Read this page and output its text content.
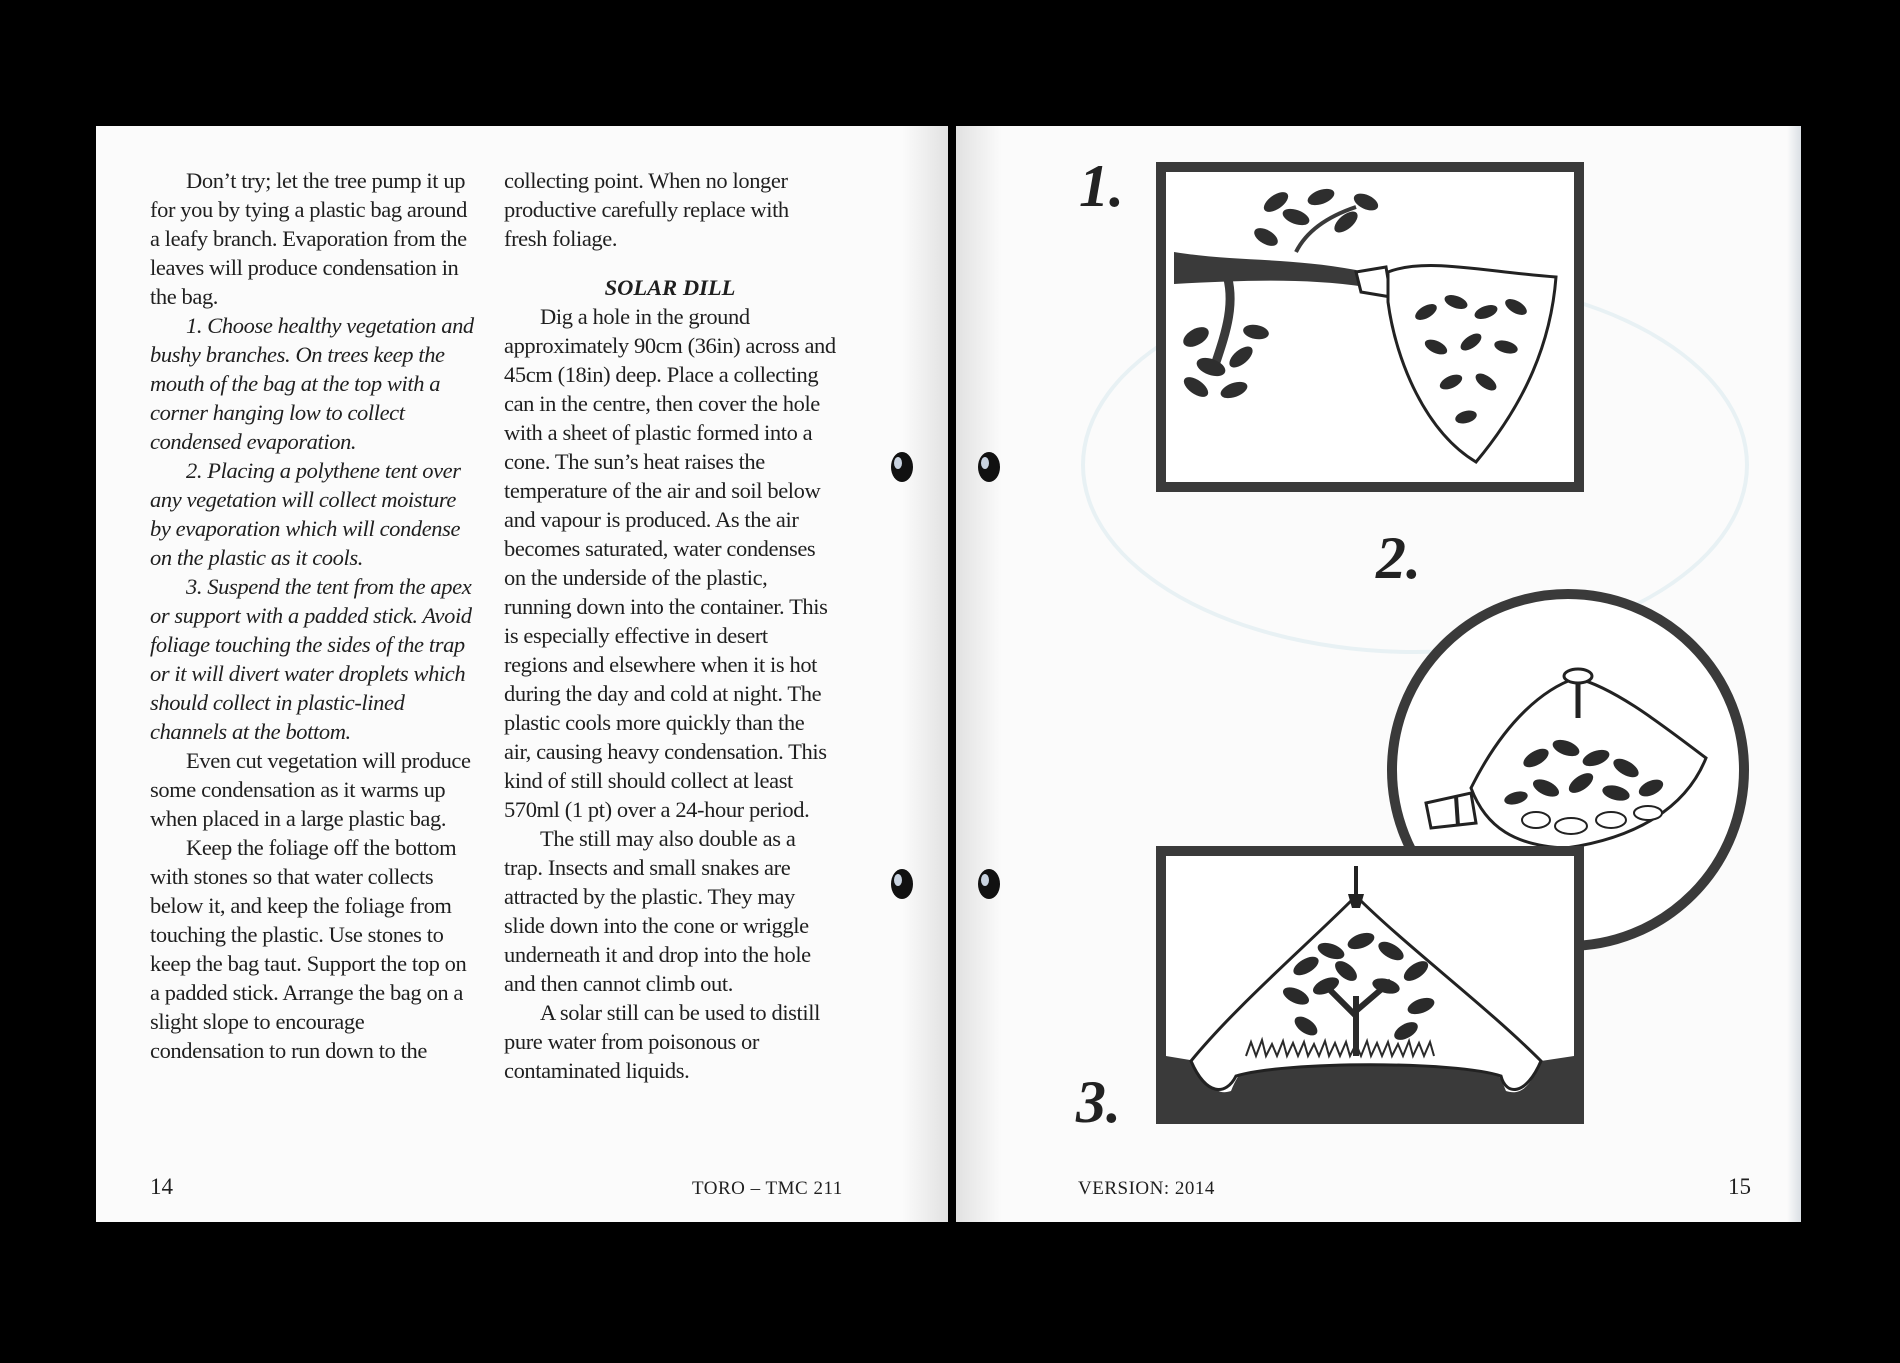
Don’t try; let the tree pump it up for you by tying a plastic bag around a leafy branch. Evaporation from the leaves will produce condensation in the bag.

1. Choose healthy vegetation and bushy branches. On trees keep the mouth of the bag at the top with a corner hanging low to collect condensed evaporation.

2. Placing a polythene tent over any vegetation will collect moisture by evaporation which will condense on the plastic as it cools.

3. Suspend the tent from the apex or support with a padded stick. Avoid foliage touching the sides of the trap or it will divert water droplets which should collect in plastic-lined channels at the bottom.

Even cut vegetation will produce some condensation as it warms up when placed in a large plastic bag.

Keep the foliage off the bottom with stones so that water collects below it, and keep the foliage from touching the plastic. Use stones to keep the bag taut. Support the top on a padded stick. Arrange the bag on a slight slope to encourage condensation to run down to the

collecting point. When no longer productive carefully replace with fresh foliage.

SOLAR DILL

Dig a hole in the ground approximately 90cm (36in) across and 45cm (18in) deep. Place a collecting can in the centre, then cover the hole with a sheet of plastic formed into a cone. The sun’s heat raises the temperature of the air and soil below and vapour is produced. As the air becomes saturated, water condenses on the underside of the plastic, running down into the container. This is especially effective in desert regions and elsewhere when it is hot during the day and cold at night. The plastic cools more quickly than the air, causing heavy condensation. This kind of still should collect at least 570ml (1 pt) over a 24-hour period.

The still may also double as a trap. Insects and small snakes are attracted by the plastic. They may slide down into the cone or wriggle underneath it and drop into the hole and then cannot climb out.

A solar still can be used to distill pure water from poisonous or contaminated liquids.

14	TORO – TMC 211
1.
2.
3.
VERSION: 2014	15
